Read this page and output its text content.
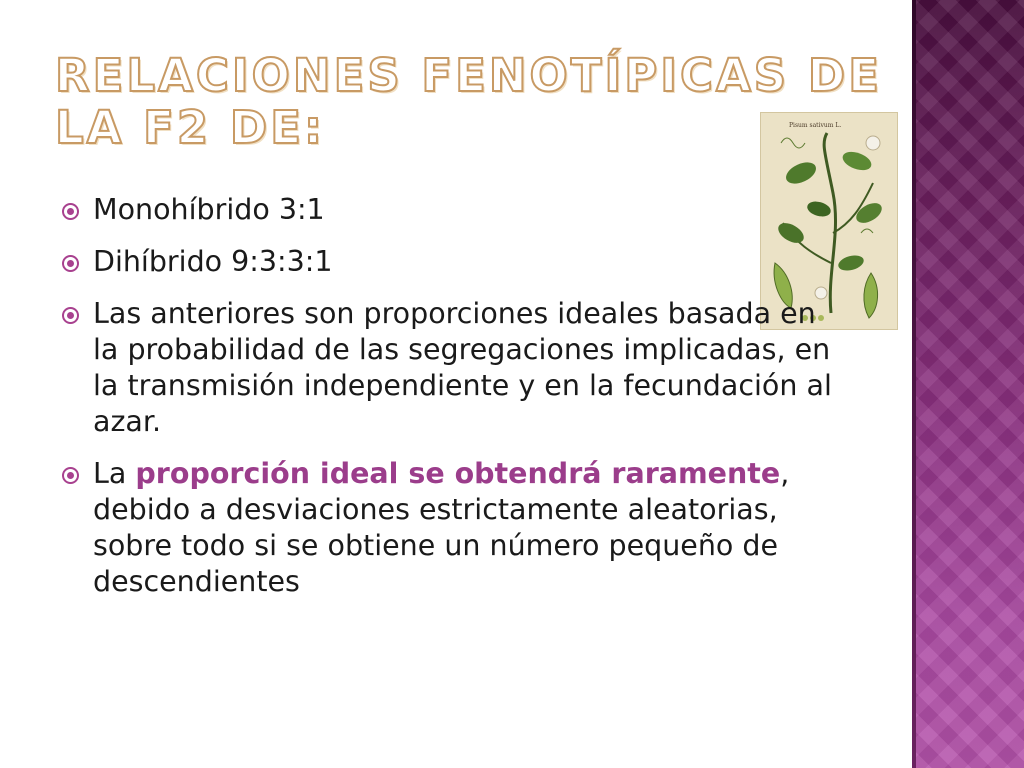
RELACIONES FENOTÍPICAS DE LA F2 DE:	Pisum sativum L.
Monohíbrido 3:1
Dihíbrido 9:3:3:1
Las anteriores son proporciones ideales basada en la probabilidad de las segregaciones implicadas, en la transmisión independiente y en la fecundación al azar.
La proporción ideal se obtendrá raramente, debido a desviaciones estrictamente aleatorias, sobre todo si se obtiene un número pequeño de descendientes
